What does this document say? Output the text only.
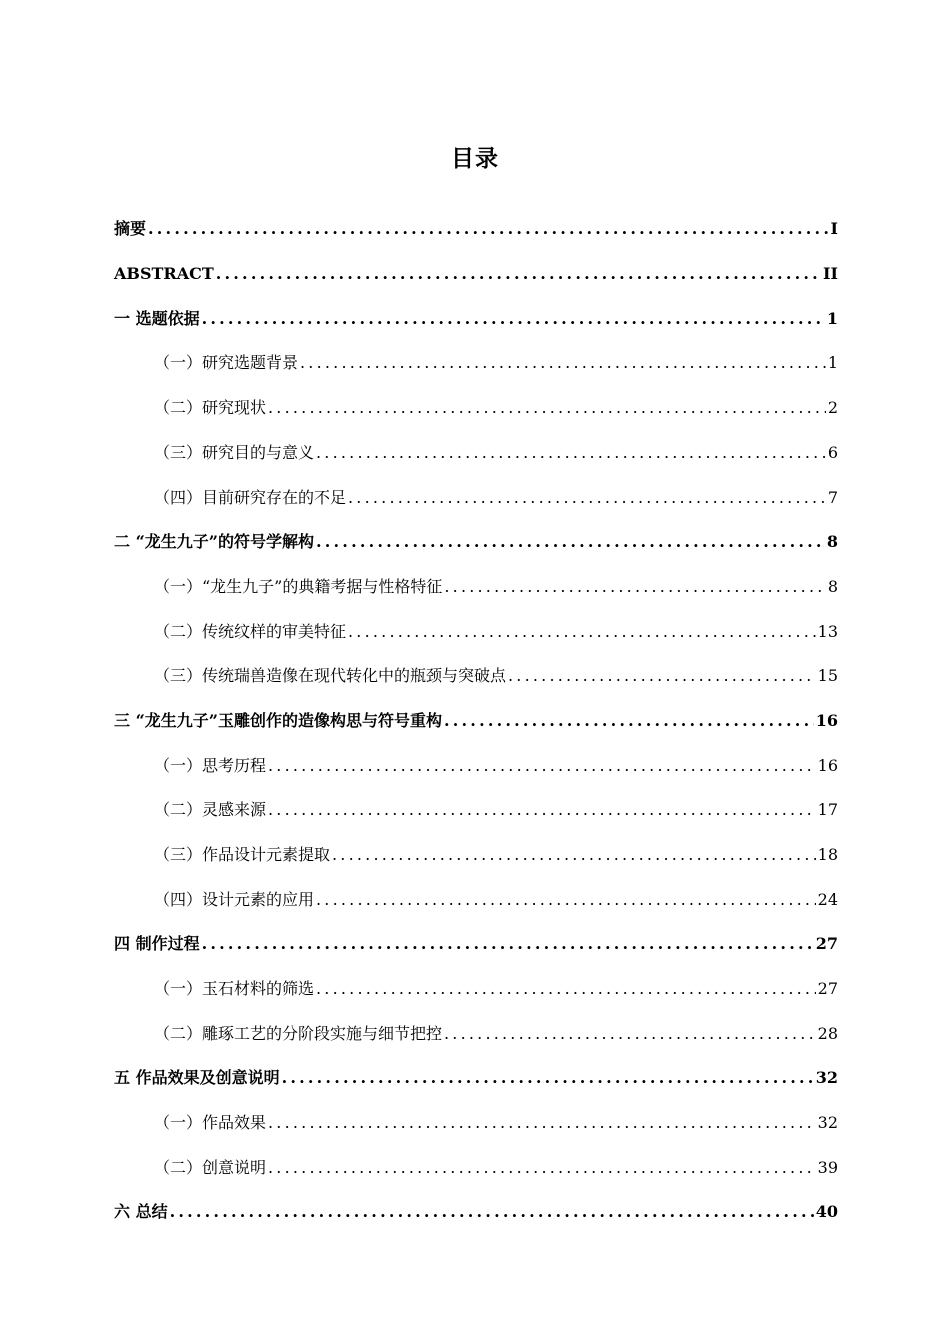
目录
摘要 .....	I
ABSTRACT .....	II
一 选题依据 .....	1
（一）研究选题背景 .....	1
（二）研究现状 .....	2
（三）研究目的与意义 .....	6
（四）目前研究存在的不足 .....	7
二 “龙生九子”的符号学解构 .....	8
（一）“龙生九子”的典籍考据与性格特征 .....	8
（二）传统纹样的审美特征 .....	13
（三）传统瑞兽造像在现代转化中的瓶颈与突破点 .....	15
三 “龙生九子”玉雕创作的造像构思与符号重构 .....	16
（一）思考历程 .....	16
（二）灵感来源 .....	17
（三）作品设计元素提取 .....	18
（四）设计元素的应用 .....	24
四 制作过程 .....	27
（一）玉石材料的筛选 .....	27
（二）雕琢工艺的分阶段实施与细节把控 .....	28
五 作品效果及创意说明 .....	32
（一）作品效果 .....	32
（二）创意说明 .....	39
六 总结 .....	40
